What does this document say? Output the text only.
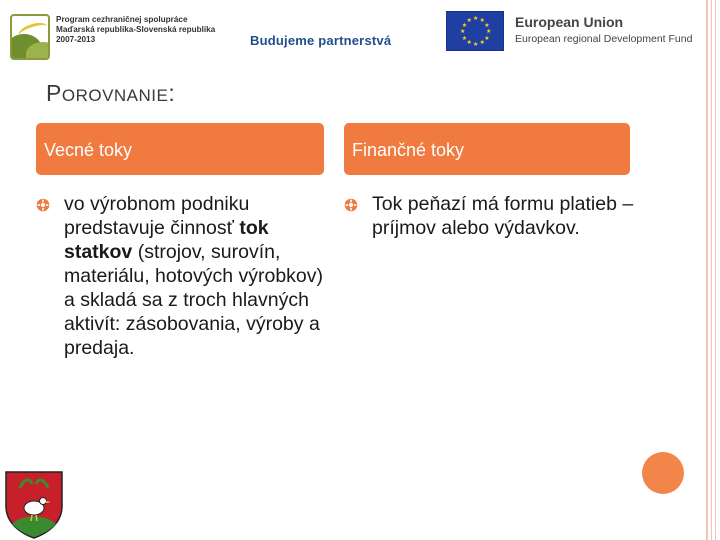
Program cezhraničnej spolupráce
Maďarská republika-Slovenská republika
2007-2013	Budujeme partnerstvá
★ ★
★
★
★
★
★
★
★
★
★
★	European Union
European regional Development Fund
POROVNANIE:
Vecné toky	Finančné toky
vo výrobnom podniku predstavuje činnosť tok statkov (strojov, surovín, materiálu, hotových výrobkov) a skladá sa z troch hlavných aktivít: zásobovania, výroby a predaja.
Tok peňazí má formu platieb – príjmov alebo výdavkov.
